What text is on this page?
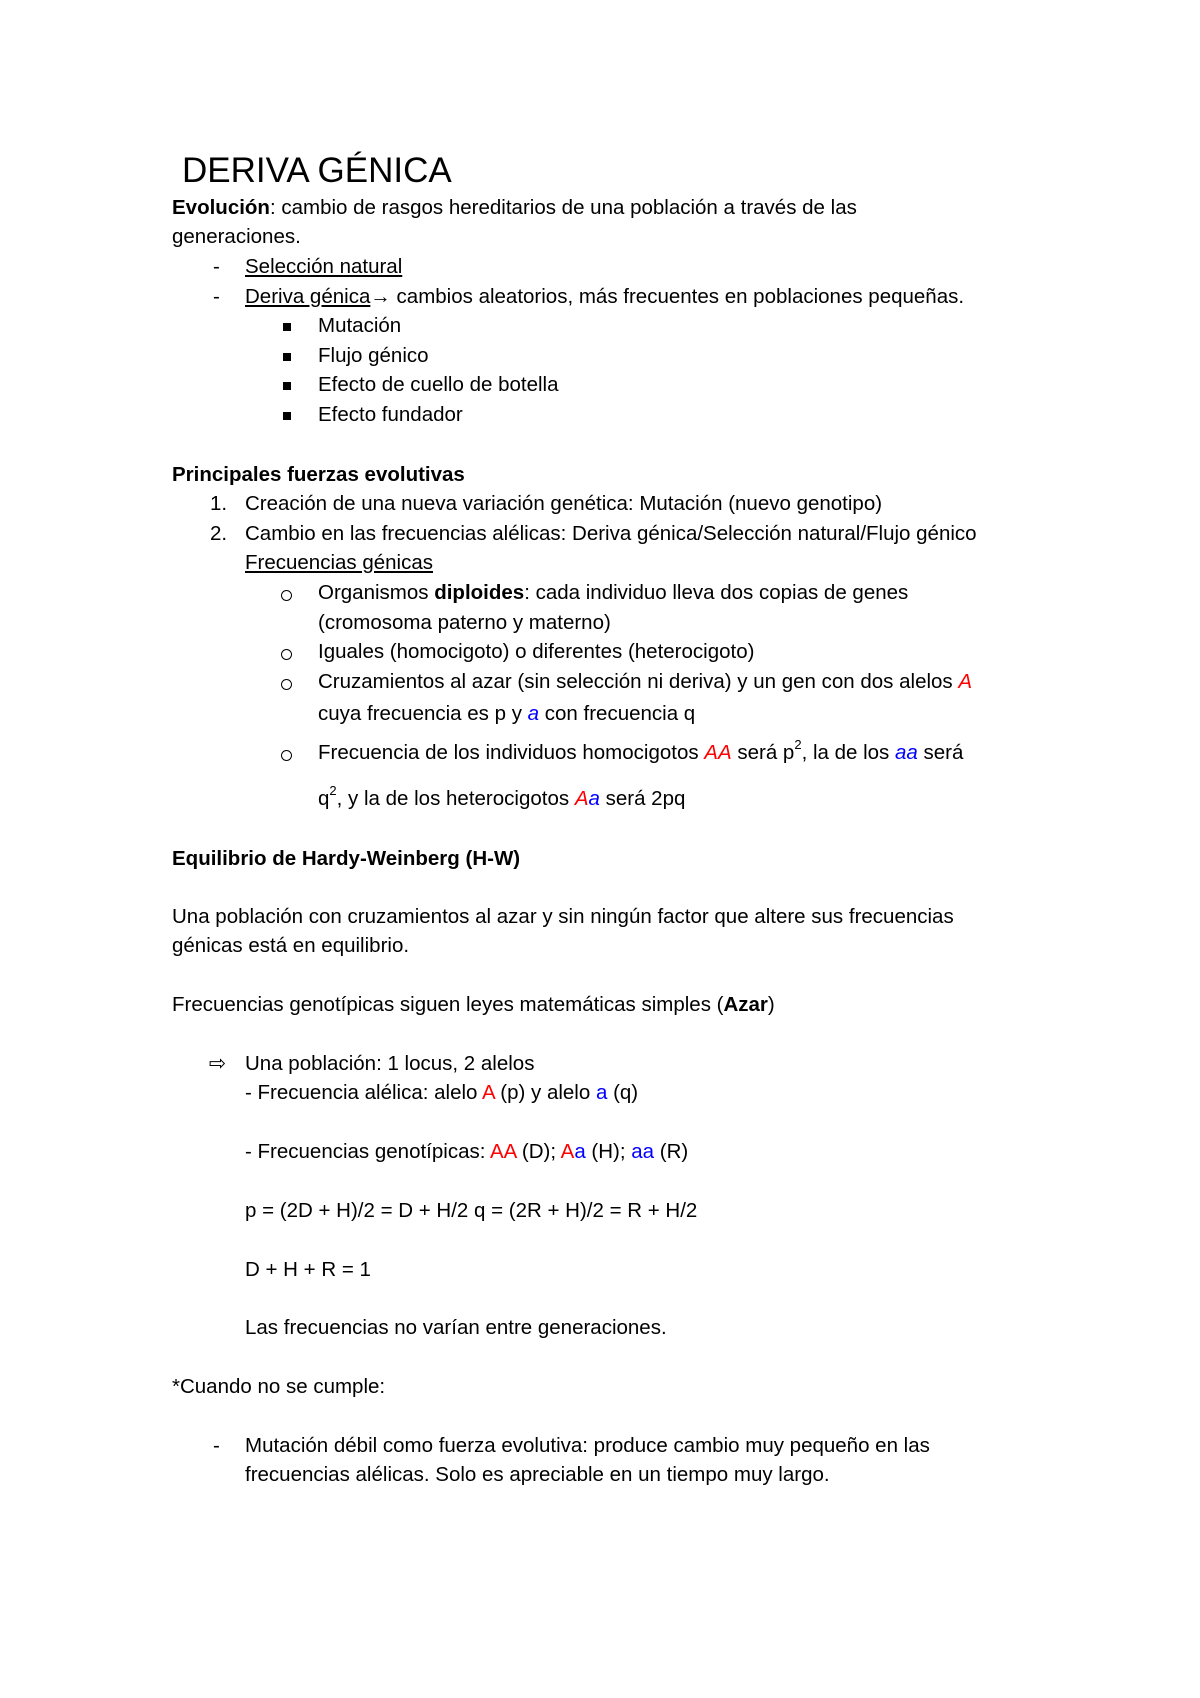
DERIVA GÉNICA
Evolución: cambio de rasgos hereditarios de una población a través de las
generaciones.
- Selección natural
- Deriva génica→ cambios aleatorios, más frecuentes en poblaciones pequeñas.
Mutación
Flujo génico
Efecto de cuello de botella
Efecto fundador
Principales fuerzas evolutivas
1. Creación de una nueva variación genética: Mutación (nuevo genotipo)
2. Cambio en las frecuencias alélicas: Deriva génica/Selección natural/Flujo génico
Frecuencias génicas
Organismos diploides: cada individuo lleva dos copias de genes
(cromosoma paterno y materno)
Iguales (homocigoto) o diferentes (heterocigoto)
Cruzamientos al azar (sin selección ni deriva) y un gen con dos alelos A
cuya frecuencia es p y a con frecuencia q
Frecuencia de los individuos homocigotos AA será $p^2$, la de los aa será
$q^2$, y la de los heterocigotos Aa será 2pq
Equilibrio de Hardy-Weinberg (H-W)
Una población con cruzamientos al azar y sin ningún factor que altere sus frecuencias
génicas está en equilibrio.
Frecuencias genotípicas siguen leyes matemáticas simples (Azar)
⇨ Una población: 1 locus, 2 alelos
- Frecuencia alélica: alelo A (p) y alelo a (q)
- Frecuencias genotípicas: AA (D); Aa (H); aa (R)
p = (2D + H)/2 = D + H/2 q = (2R + H)/2 = R + H/2
D + H + R = 1
Las frecuencias no varían entre generaciones.
*Cuando no se cumple:
- Mutación débil como fuerza evolutiva: produce cambio muy pequeño en las
frecuencias alélicas. Solo es apreciable en un tiempo muy largo.
